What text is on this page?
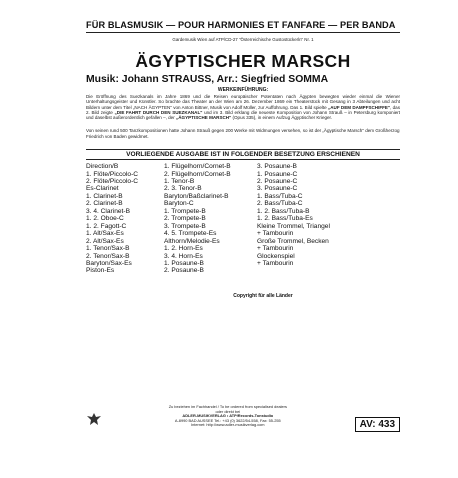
FÜR BLASMUSIK — POUR HARMONIES ET FANFARE — PER BANDA
Gardemusik Wien auf ATP/CD-27 "Österreichische Gustostückerln" Nr. 1
ÄGYPTISCHER MARSCH
Musik: Johann STRAUSS, Arr.: Siegfried SOMMA
WERKEINFÜHRUNG:
Die Eröffnung des Suezkanals im Jahre 1869 und die Reisen europäischer Potentaten nach Ägypten bewegten wieder einmal die Wiener Unterhaltungsgeister und Künstler. So brachte das Theater an der Wien am 26. Dezember 1869 ein Theaterstück mit Gesang in 3 Abteilungen und acht Bildern unter dem Titel „NACH ÄGYPTEN" von Anton Bittner, Musik von Adolf Müller, zur Aufführung. Das 1. Bild spielte „AUF DEM DAMPFSCHIFFE", das 2. Bild zeigte „DIE FAHRT DURCH DEN SUEZKANAL" und im 3. Bild erklang die neueste Komposition von Johann Strauß – in Petersburg komponiert und daselbst außerordentlich gefallen –, der „ÄGYPTISCHE MARSCH" (Opus 335), in einem Aufzug Ägyptischer Krieger.
Von seinen rund 500 Tanzkompositionen hatte Johann Strauß gegen 200 Werke mit Widmungen versehen, so ist der „Ägyptische Marsch" dem Großherzog Friedrich von Baden gewidmet.
VORLIEGENDE AUSGABE IST IN FOLGENDER BESETZUNG ERSCHIENEN
Direction/B
1. Flöte/Piccolo-C
2. Flöte/Piccolo-C
Es-Clarinet
1. Clarinet-B
2. Clarinet-B
3. 4. Clarinet-B
1. 2. Oboe-C
1. 2. Fagott-C
1. Alt/Sax-Es
2. Alt/Sax-Es
1. Tenor/Sax-B
2. Tenor/Sax-B
Baryton/Sax-Es
Piston-Es
1. Flügelhorn/Cornet-B
2. Flügelhorn/Cornet-B
1. Tenor-B
2. 3. Tenor-B
Baryton/Baßclarinet-B
Baryton-C
1. Trompete-B
2. Trompete-B
3. Trompete-B
4. 5. Trompete-Es
Althorn/Melodie-Es
1. 2. Horn-Es
3. 4. Horn-Es
1. Posaune-B
2. Posaune-B
3. Posaune-B
1. Posaune-C
2. Posaune-C
3. Posaune-C
1. Bass/Tuba-C
2. Bass/Tuba-C
1. 2. Bass/Tuba-B
1. 2. Bass/Tuba-Es
Kleine Trommel, Triangel
+ Tambourin
Große Trommel, Becken
+ Tambourin
Glockenspiel
+ Tambourin
Copyright für alle Länder
Zu beziehen im Fachhandel / To be ordered from specialised dealers
oder direkt bei
ADLER-MUSIKVERLAG • ATP/Records-Tonstudio
A-8990 BAD AUSSEE Tel.: +43 (0) 3622/54-558, Fax: 55-255
Internet: http://www.adler-musikverlag.com	AV: 433
